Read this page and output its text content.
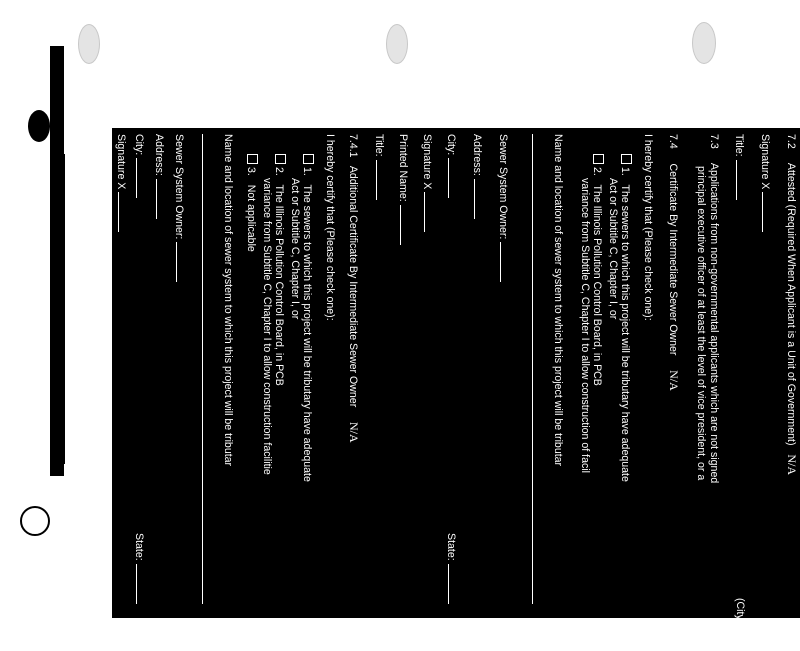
7.2     Attested (Required When Applicant is a Unit of Government)   N/A
Signature X
Title:
(City Clerk)
7.3     Applications from non-governmental applicants which are not signed
principal executive officer of at least the level of vice president, or a
7.4     Certificate By Intermediate Sewer Owner     N/A
I hereby certify that (Please check one):
1.   The sewers to which this project will be tributary have adequate
Act or Subtitle C, Chapter I, or
2.   The Illinois Pollution Control Board, in PCB
variance from Subtitle C, Chapter I to allow construction of facil
Name and location of sewer system to which this project will be tributar
Sewer System Owner:
Address:
City:
State:
Signature X
Printed Name:
Title:
7.4.1   Additional Certificate By Intermediate Sewer Owner     N/A
I hereby certify that (Please check one):
1.   The sewers to which this project will be tributary have adequate
Act or Subtitle C, Chapter I, or
2.   The Illinois Pollution Control Board, in PCB
variance from Subtitle C, Chapter I to allow construction facilitie
3.   Not applicable
Name and location of sewer system to which this project will be tributar
Sewer System Owner:
Address:
City:
State:
Signature X
